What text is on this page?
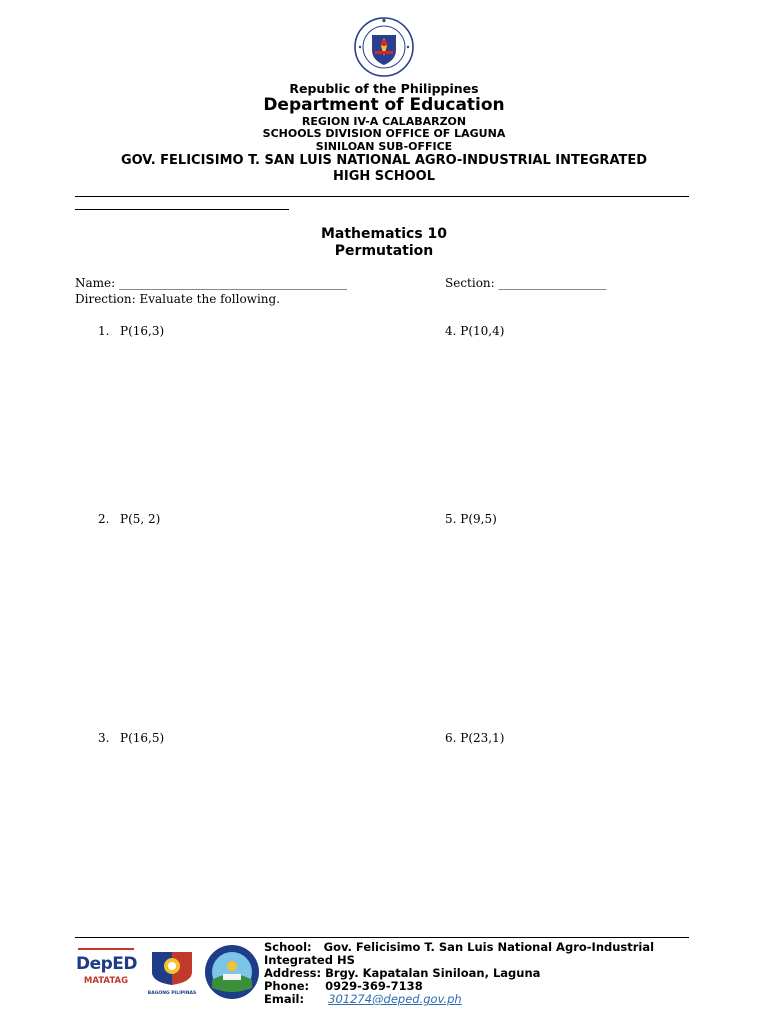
Republic of the Philippines
Department of Education
REGION IV-A CALABARZON
SCHOOLS DIVISION OFFICE OF LAGUNA
SINILOAN SUB-OFFICE
GOV. FELICISIMO T. SAN LUIS NATIONAL AGRO-INDUSTRIAL INTEGRATED
HIGH SCHOOL
Mathematics 10
Permutation
Name: ______________________________________	Section: __________________
Direction: Evaluate the following.
1. P(16,3)
2. P(5, 2)
3. P(16,5)
4. P(10,4)
5. P(9,5)
6. P(23,1)
DepED
MATATAG
BAGONG PILIPINAS
School: Gov. Felicisimo T. San Luis National Agro-Industrial
Integrated HS
Address: Brgy. Kapatalan Siniloan, Laguna
Phone: 0929-369-7138
Email: 301274@deped.gov.ph
